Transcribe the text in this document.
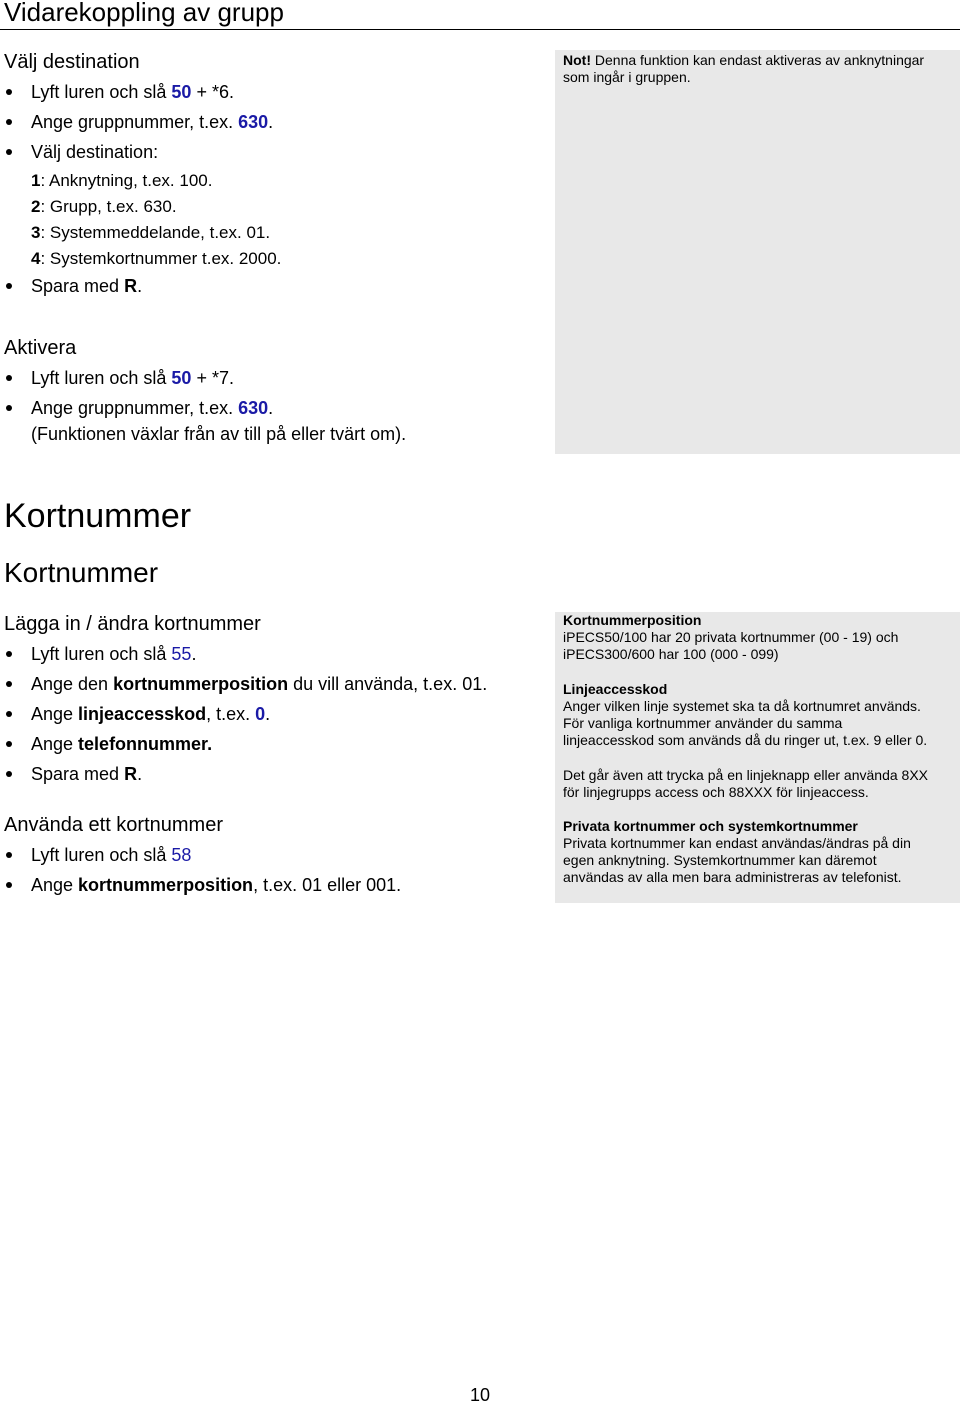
Vidarekoppling av grupp
Välj destination
Lyft luren och slå 50 + *6.
Ange gruppnummer, t.ex. 630.
Välj destination:
1: Anknytning, t.ex. 100.
2: Grupp, t.ex. 630.
3: Systemmeddelande, t.ex. 01.
4: Systemkortnummer t.ex. 2000.
Spara med R.
Aktivera
Lyft luren och slå 50 + *7.
Ange gruppnummer, t.ex. 630.
(Funktionen växlar från av till på eller tvärt om).
Not! Denna funktion kan endast aktiveras av anknytningar som ingår i gruppen.
Kortnummer
Kortnummer
Lägga in / ändra kortnummer
Lyft luren och slå 55.
Ange den kortnummerposition du vill använda, t.ex. 01.
Ange linjeaccesskod, t.ex. 0.
Ange telefonnummer.
Spara med R.
Använda ett kortnummer
Lyft luren och slå 58
Ange kortnummerposition, t.ex. 01 eller 001.

Kortnummerposition

iPECS50/100 har 20 privata kortnummer (00 - 19) och

iPECS300/600 har 100 (000 - 099)

Linjeaccesskod

Anger vilken linje systemet ska ta då kortnumret används.

För vanliga kortnummer använder du samma

linjeaccesskod som används då du ringer ut, t.ex. 9 eller 0.

Det går även att trycka på en linjeknapp eller använda 8XX

för linjegrupps access och 88XXX för linjeaccess.

Privata kortnummer och systemkortnummer

Privata kortnummer kan endast användas/ändras på din

egen anknytning. Systemkortnummer kan däremot

användas av alla men bara administreras av telefonist.

10
